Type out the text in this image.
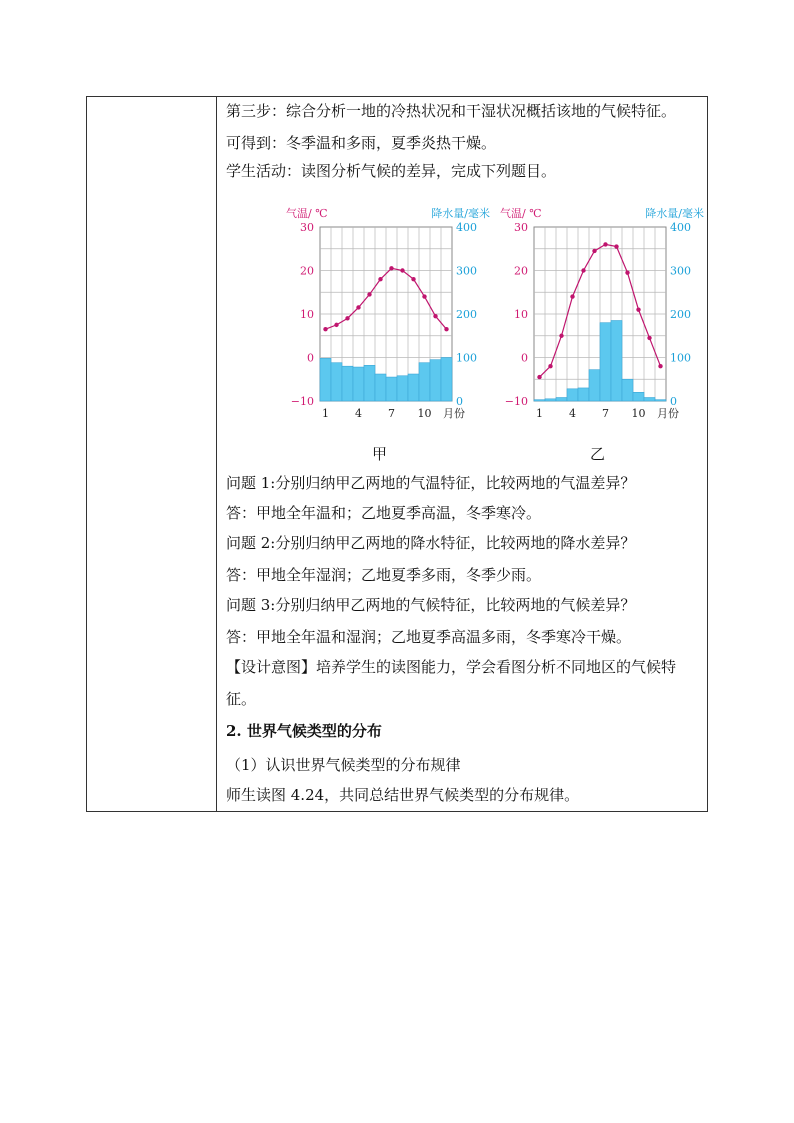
第三步：综合分析一地的冷热状况和干湿状况概括该地的气候特征。
可得到：冬季温和多雨，夏季炎热干燥。
学生活动：读图分析气候的差异，完成下列题目。
气温/ ℃	降水量/毫米
30
20
10
0
−10
400
300
200
100
0
1 4 7 10 月份
气温/ ℃	降水量/毫米
30
20
10
0
−10
400
300
200
100
0
1 4 7 10 月份
甲	乙
问题 1:分别归纳甲乙两地的气温特征，比较两地的气温差异？
答：甲地全年温和；乙地夏季高温，冬季寒冷。
问题 2:分别归纳甲乙两地的降水特征，比较两地的降水差异？
答：甲地全年湿润；乙地夏季多雨，冬季少雨。
问题 3:分别归纳甲乙两地的气候特征，比较两地的气候差异？
答：甲地全年温和湿润；乙地夏季高温多雨，冬季寒冷干燥。
【设计意图】培养学生的读图能力，学会看图分析不同地区的气候特
征。
2. 世界气候类型的分布
（1）认识世界气候类型的分布规律
师生读图 4.24，共同总结世界气候类型的分布规律。
